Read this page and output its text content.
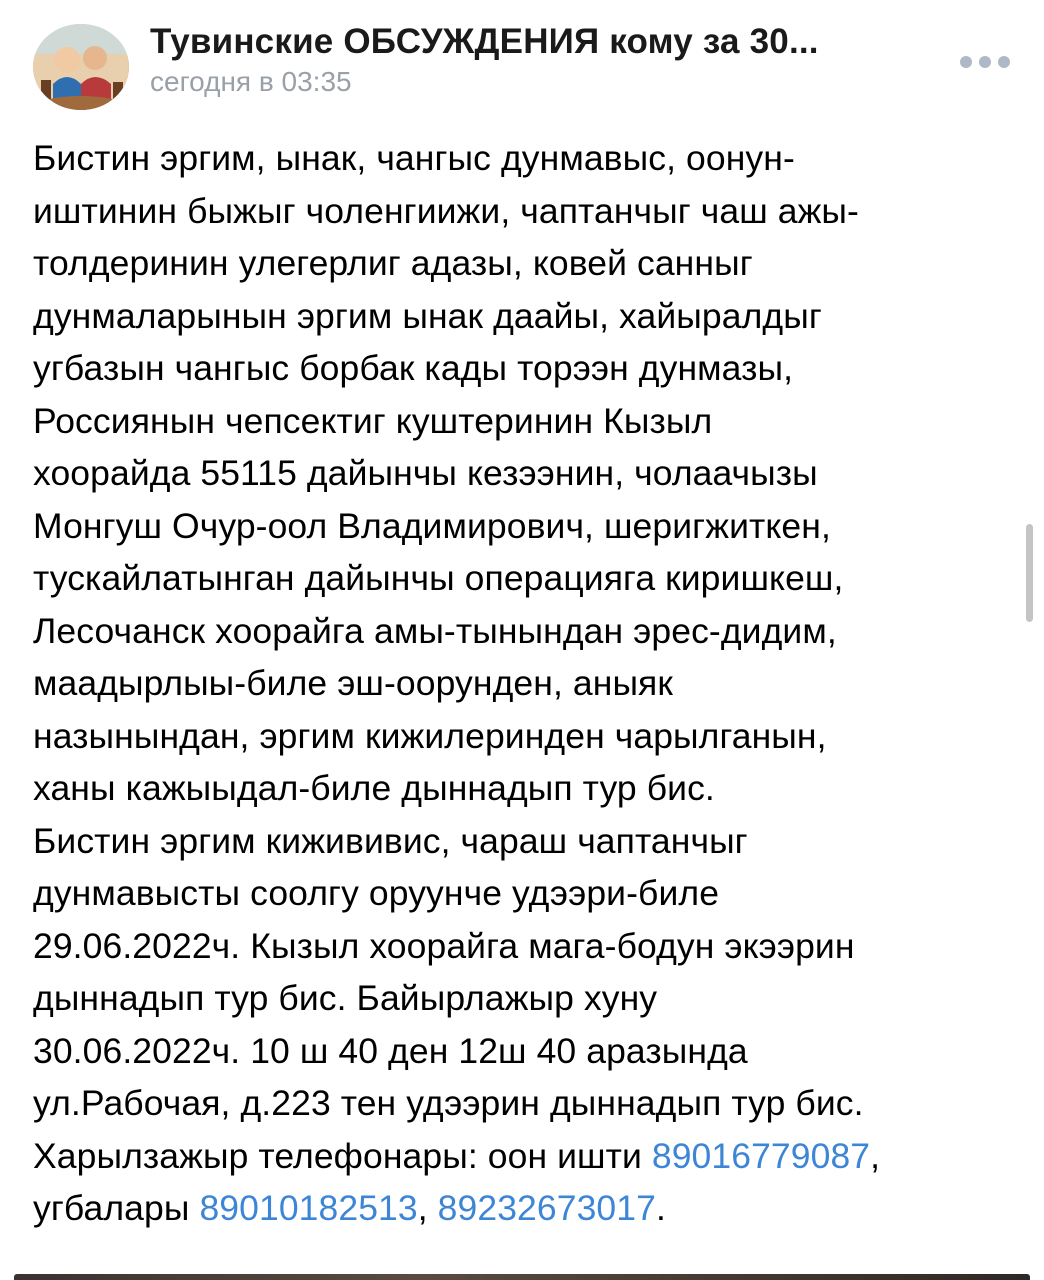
Тувинские ОБСУЖДЕНИЯ кому за 30...
сегодня в 03:35
Бистин эргим, ынак, чангыс дунмавыс, оонун-
иштинин быжыг чоленгиижи, чаптанчыг чаш ажы-
толдеринин улегерлиг адазы, ковей санныг
дунмаларынын эргим ынак даайы, хайыралдыг
угбазын чангыс борбак кады торээн дунмазы,
Россиянын чепсектиг куштеринин Кызыл
хоорайда 55115 дайынчы кезээнин, чолаачызы
Монгуш Очур-оол Владимирович, шеригжиткен,
тускайлатынган дайынчы операцияга киришкеш,
Лесочанск хоорайга амы-тынындан эрес-дидим,
маадырлыы-биле эш-оорунден, аныяк
назынындан, эргим кижилеринден чарылганын,
ханы кажыыдал-биле дыннадып тур бис.
Бистин эргим кижививис, чараш чаптанчыг
дунмавысты соолгу оруунче удээри-биле
29.06.2022ч. Кызыл хоорайга мага-бодун экээрин
дыннадып тур бис. Байырлажыр хуну
30.06.2022ч. 10 ш 40 ден 12ш 40 аразында
ул.Рабочая, д.223 тен удээрин дыннадып тур бис.
Харылзажыр телефонары: оон ишти 89016779087,
угбалары 89010182513, 89232673017.
